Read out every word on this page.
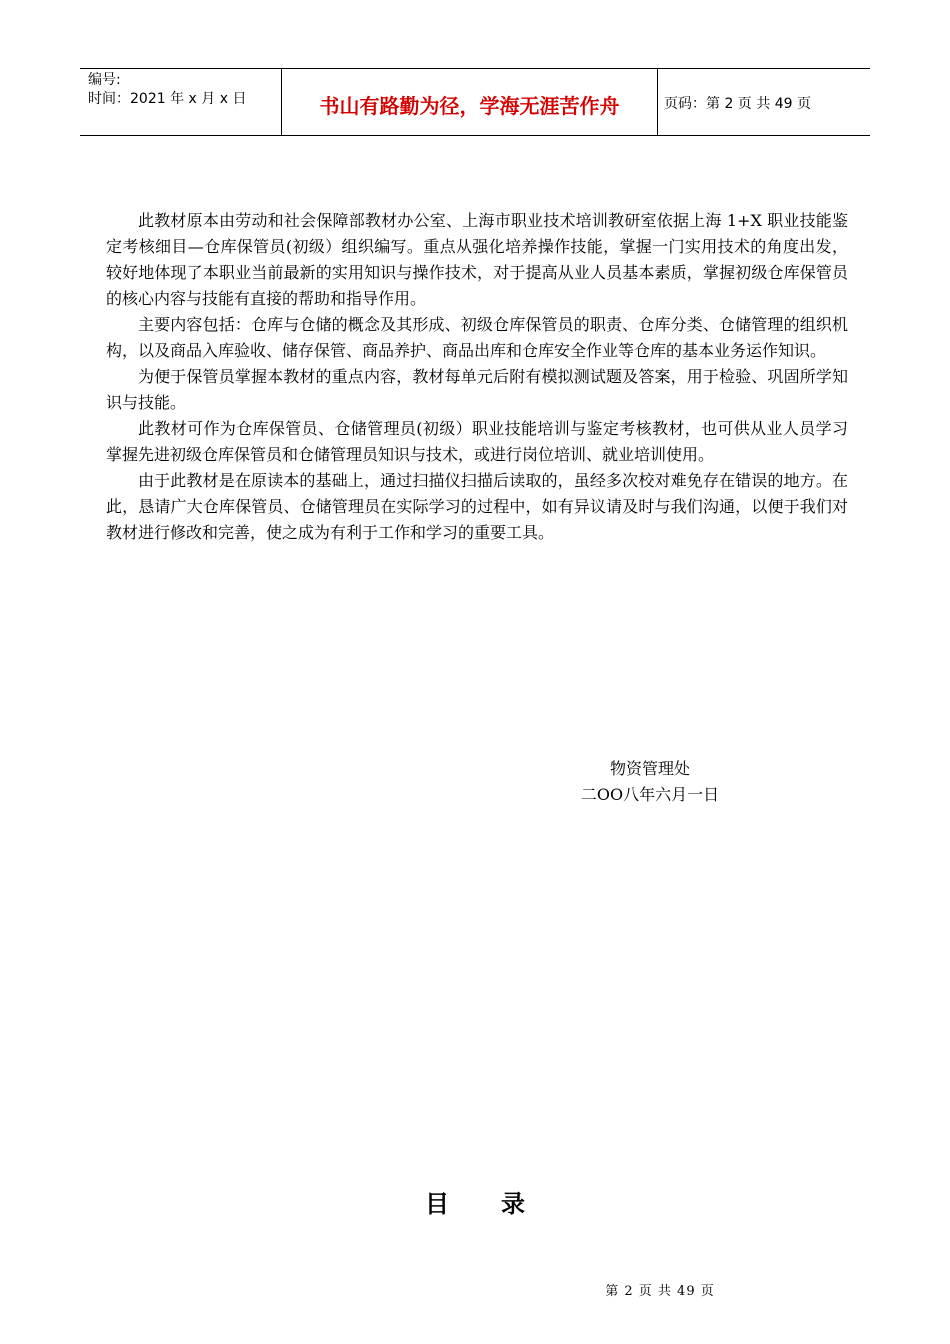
编号:
时间：2021 年 x 月 x 日	书山有路勤为径，学海无涯苦作舟	页码：第 2 页 共 49 页

此教材原本由劳动和社会保障部教材办公室、上海市职业技术培训教研室依据上海 1+X 职业技能鉴定考核细目—仓库保管员(初级）组织编写。重点从强化培养操作技能，掌握一门实用技术的角度出发，较好地体现了本职业当前最新的实用知识与操作技术，对于提高从业人员基本素质，掌握初级仓库保管员的核心内容与技能有直接的帮助和指导作用。

主要内容包括：仓库与仓储的概念及其形成、初级仓库保管员的职责、仓库分类、仓储管理的组织机构，以及商品入库验收、储存保管、商品养护、商品出库和仓库安全作业等仓库的基本业务运作知识。

为便于保管员掌握本教材的重点内容，教材每单元后附有模拟测试题及答案，用于检验、巩固所学知识与技能。

此教材可作为仓库保管员、仓储管理员(初级）职业技能培训与鉴定考核教材，也可供从业人员学习掌握先进初级仓库保管员和仓储管理员知识与技术，或进行岗位培训、就业培训使用。

由于此教材是在原读本的基础上，通过扫描仪扫描后读取的，虽经多次校对难免存在错误的地方。在此，恳请广大仓库保管员、仓储管理员在实际学习的过程中，如有异议请及时与我们沟通，以便于我们对教材进行修改和完善，使之成为有利于工作和学习的重要工具。

物资管理处
二OO八年六月一日
目录
第 2 页 共 49 页
